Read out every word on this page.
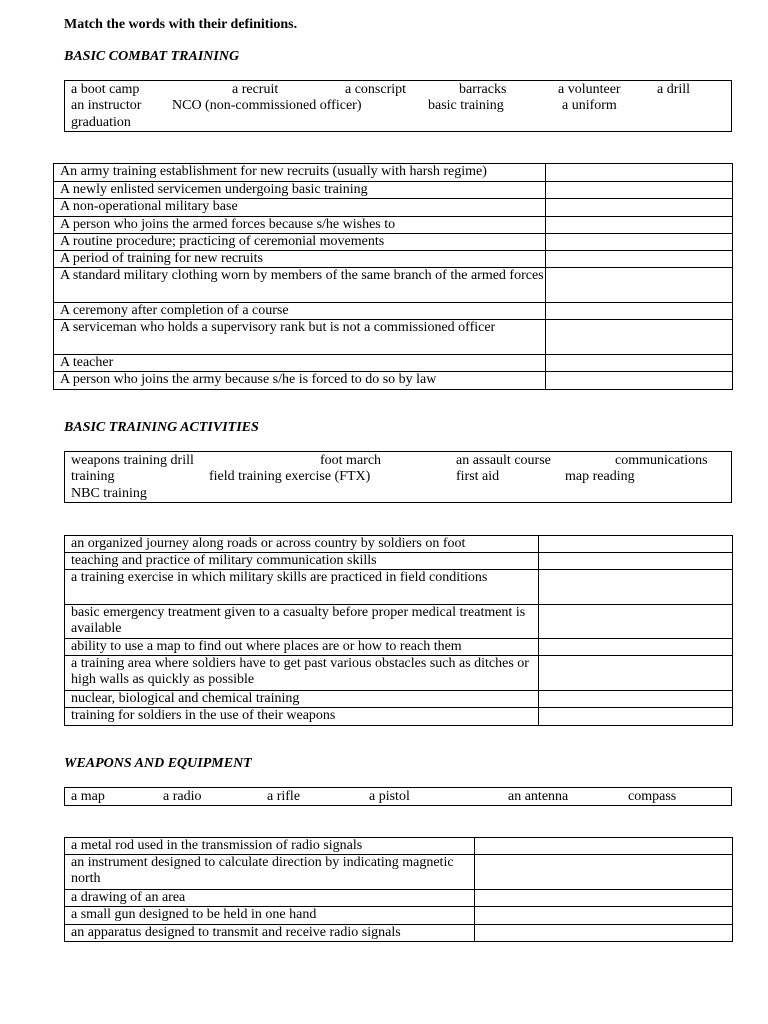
Match the words with their definitions.
BASIC COMBAT TRAINING
a boot camp	a recruit	a conscript	barracks	a volunteer	a drill
an instructor NCO (non-commissioned officer)	basic training	a uniform
graduation
An army training establishment for new recruits (usually with harsh regime)	
A newly enlisted servicemen undergoing basic training	
A non-operational military base	
A person who joins the armed forces because s/he wishes to	
A routine procedure; practicing of ceremonial movements	
A period of training for new recruits	
A standard military clothing worn by members of the same branch of the armed forces	
A ceremony after completion of a course	
A serviceman who holds a supervisory rank but is not a commissioned officer	
A teacher	
A person who joins the army because s/he is forced to do so by law	
BASIC TRAINING ACTIVITIES
weapons training drill	foot march	an assault course	communications
training	field training exercise (FTX)	first aid	map reading
NBC training
an organized journey along roads or across country by soldiers on foot	
teaching and practice of military communication skills	
a training exercise in which military skills are practiced in field conditions	
basic emergency treatment given to a casualty before proper medical treatment is available	
ability to use a map to find out where places are or how to reach them	
a training area where soldiers have to get past various obstacles such as ditches or high walls as quickly as possible	
nuclear, biological and chemical training	
training for soldiers in the use of their weapons	
WEAPONS AND EQUIPMENT
a map	a radio	a rifle	a pistol	an antenna	compass
a metal rod used in the transmission of radio signals	
an instrument designed to calculate direction by indicating magnetic north	
a drawing of an area	
a small gun designed to be held in one hand	
an apparatus designed to transmit and receive radio signals	
